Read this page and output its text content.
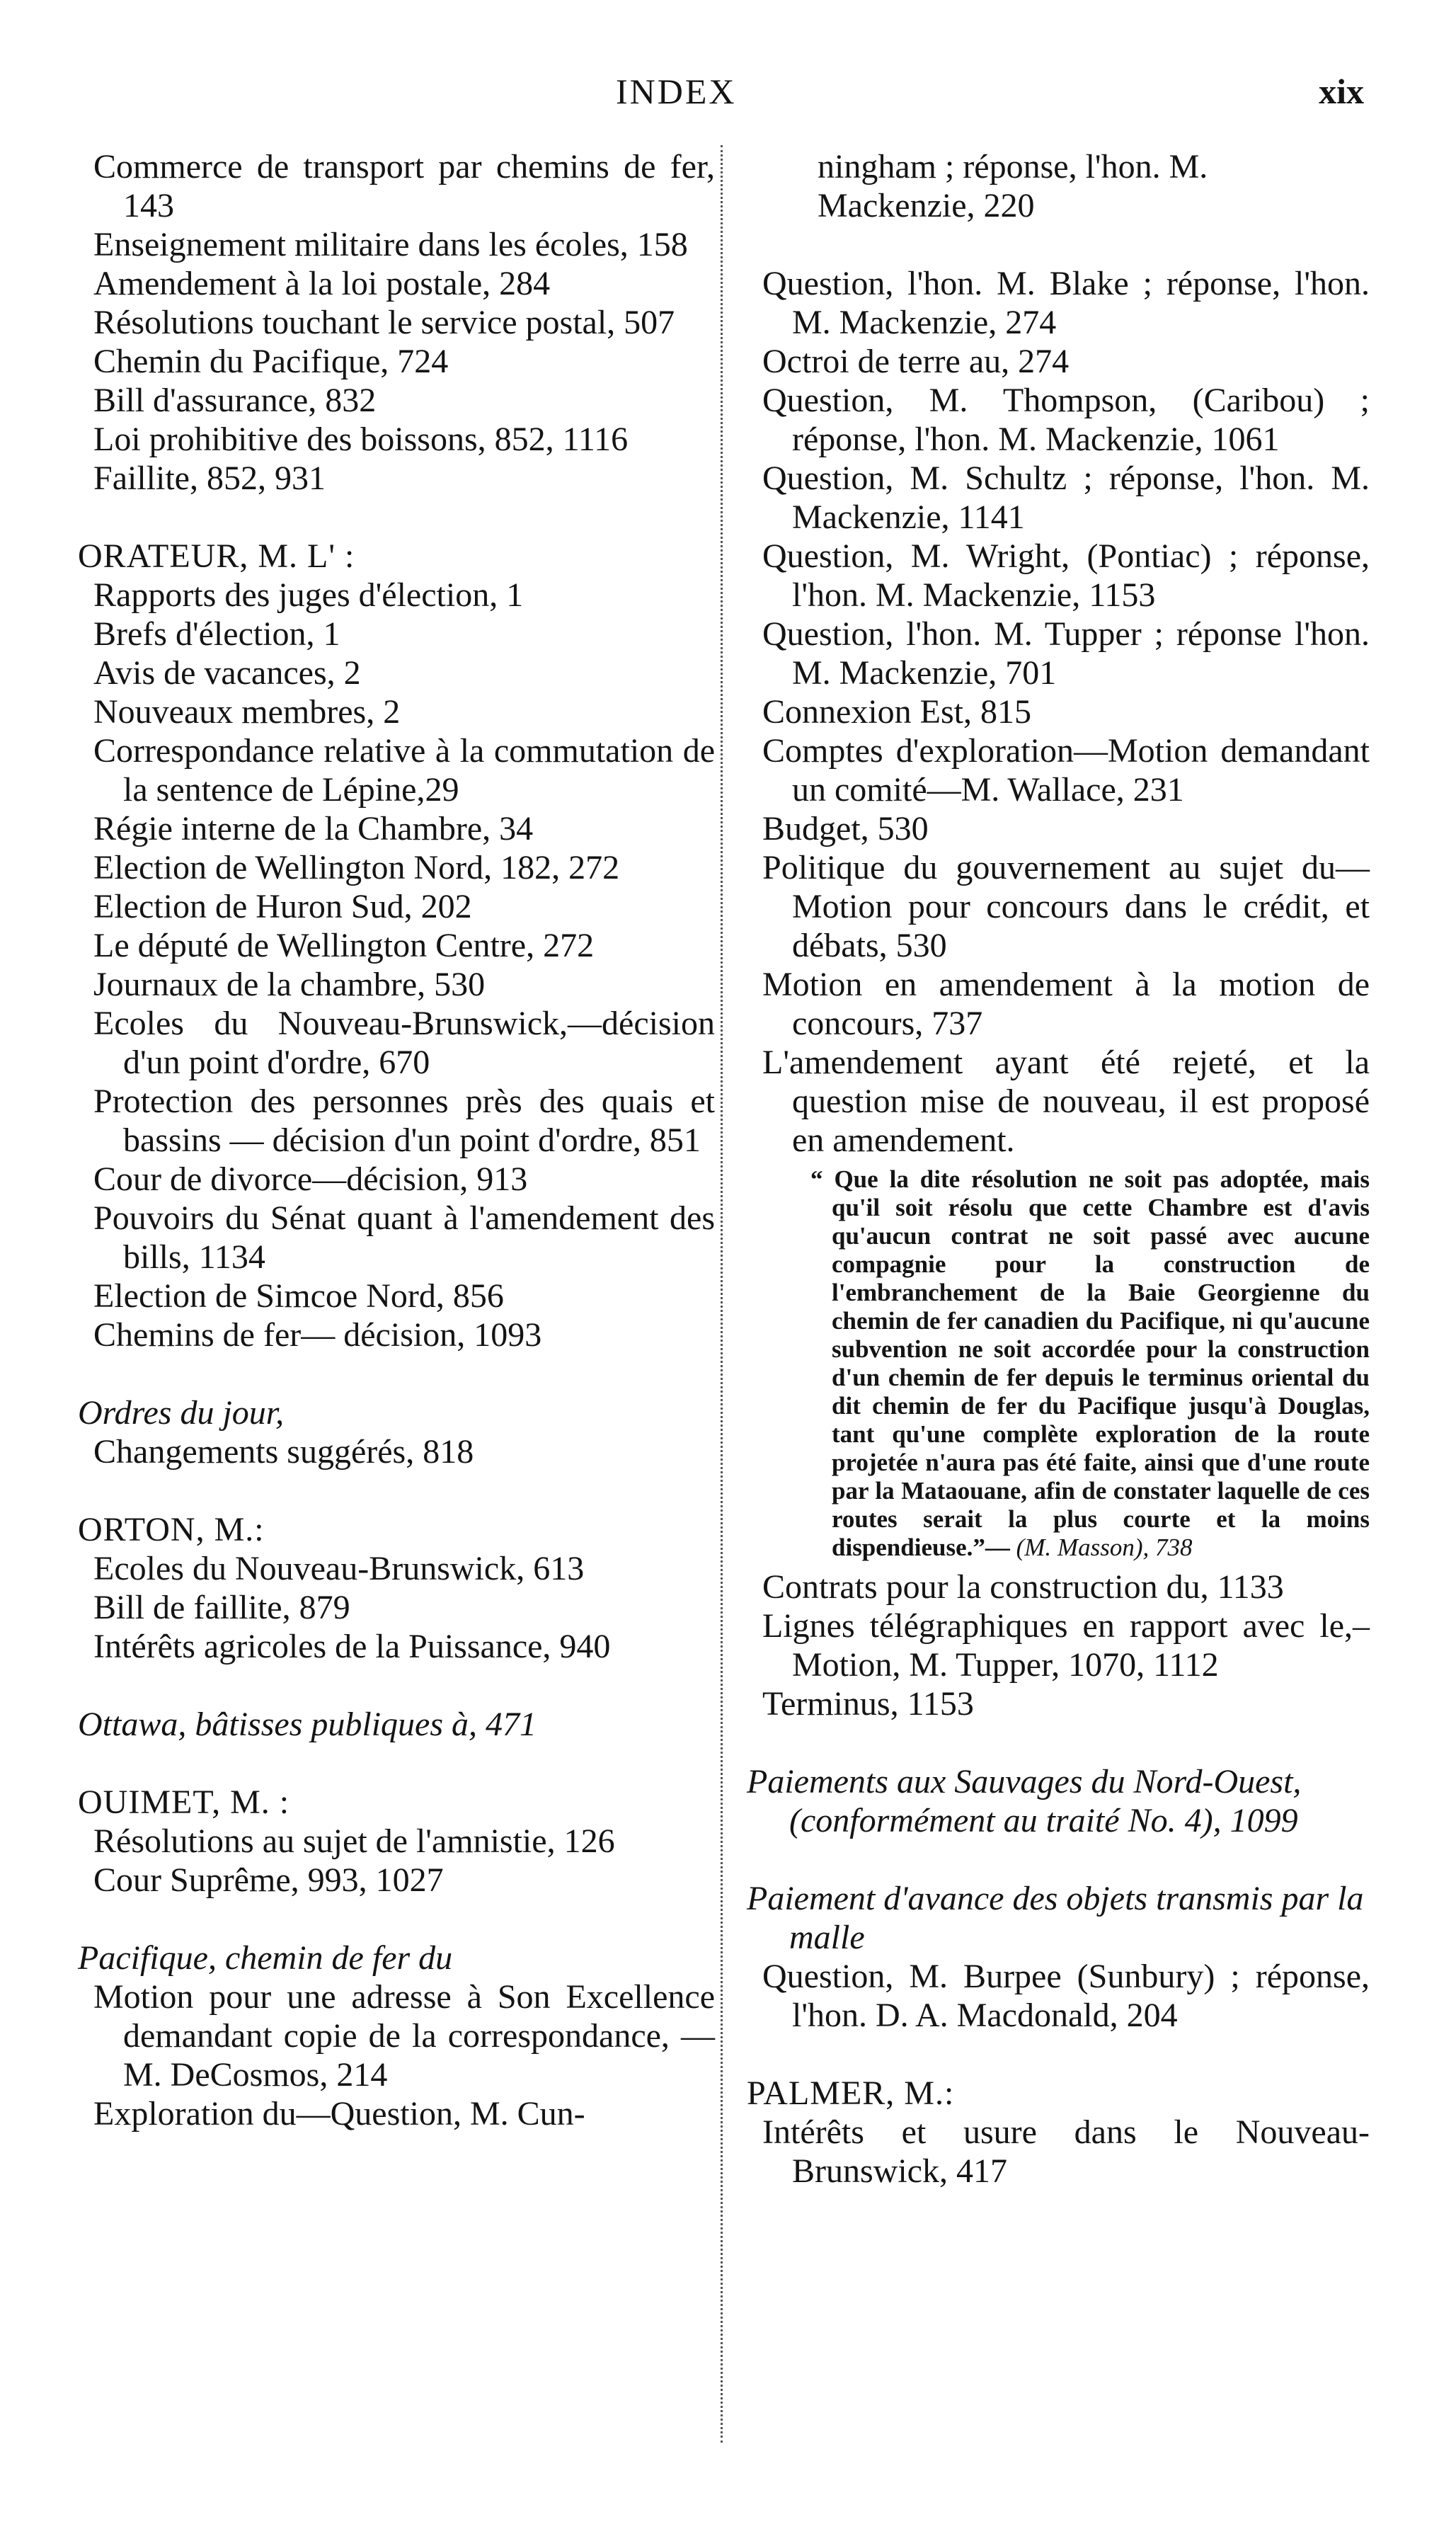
INDEX	xix

Commerce de transport par chemins de fer, 143

Enseignement militaire dans les écoles, 158

Amendement à la loi postale, 284

Résolutions touchant le service postal, 507

Chemin du Pacifique, 724

Bill d'assurance, 832

Loi prohibitive des boissons, 852, 1116

Faillite, 852, 931

ORATEUR, M. L' :

Rapports des juges d'élection, 1

Brefs d'élection, 1

Avis de vacances, 2

Nouveaux membres, 2

Correspondance relative à la commutation de la sentence de Lépine,29

Régie interne de la Chambre, 34

Election de Wellington Nord, 182, 272

Election de Huron Sud, 202

Le député de Wellington Centre, 272

Journaux de la chambre, 530

Ecoles du Nouveau-Brunswick,—décision d'un point d'ordre, 670

Protection des personnes près des quais et bassins — décision d'un point d'ordre, 851

Cour de divorce—décision, 913

Pouvoirs du Sénat quant à l'amendement des bills, 1134

Election de Simcoe Nord, 856

Chemins de fer— décision, 1093

Ordres du jour,

Changements suggérés, 818

ORTON, M.:

Ecoles du Nouveau-Brunswick, 613

Bill de faillite, 879

Intérêts agricoles de la Puissance, 940

Ottawa, bâtisses publiques à, 471

OUIMET, M. :

Résolutions au sujet de l'amnistie, 126

Cour Suprême, 993, 1027

Pacifique, chemin de fer du

Motion pour une adresse à Son Excellence demandant copie de la correspondance, — M. DeCosmos, 214

Exploration du—Question, M. Cun-

ningham ; réponse, l'hon. M. Mackenzie, 220

Question, l'hon. M. Blake ; réponse, l'hon. M. Mackenzie, 274

Octroi de terre au, 274

Question, M. Thompson, (Caribou) ; réponse, l'hon. M. Mackenzie, 1061

Question, M. Schultz ; réponse, l'hon. M. Mackenzie, 1141

Question, M. Wright, (Pontiac) ; réponse, l'hon. M. Mackenzie, 1153

Question, l'hon. M. Tupper ; réponse l'hon. M. Mackenzie, 701

Connexion Est, 815

Comptes d'exploration—Motion demandant un comité—M. Wallace, 231

Budget, 530

Politique du gouvernement au sujet du—Motion pour concours dans le crédit, et débats, 530

Motion en amendement à la motion de concours, 737

L'amendement ayant été rejeté, et la question mise de nouveau, il est proposé en amendement.

“ Que la dite résolution ne soit pas adoptée, mais qu'il soit résolu que cette Chambre est d'avis qu'aucun contrat ne soit passé avec aucune compagnie pour la construction de l'embranchement de la Baie Georgienne du chemin de fer canadien du Pacifique, ni qu'aucune subvention ne soit accordée pour la construction d'un chemin de fer depuis le terminus oriental du dit chemin de fer du Pacifique jusqu'à Douglas, tant qu'une complète exploration de la route projetée n'aura pas été faite, ainsi que d'une route par la Mataouane, afin de constater laquelle de ces routes serait la plus courte et la moins dispendieuse.”— (M. Masson), 738

Contrats pour la construction du, 1133

Lignes télégraphiques en rapport avec le,–Motion, M. Tupper, 1070, 1112

Terminus, 1153

Paiements aux Sauvages du Nord-Ouest, (conformément au traité No. 4), 1099

Paiement d'avance des objets transmis par la malle

Question, M. Burpee (Sunbury) ; réponse, l'hon. D. A. Macdonald, 204

PALMER, M.:

Intérêts et usure dans le Nouveau-Brunswick, 417
